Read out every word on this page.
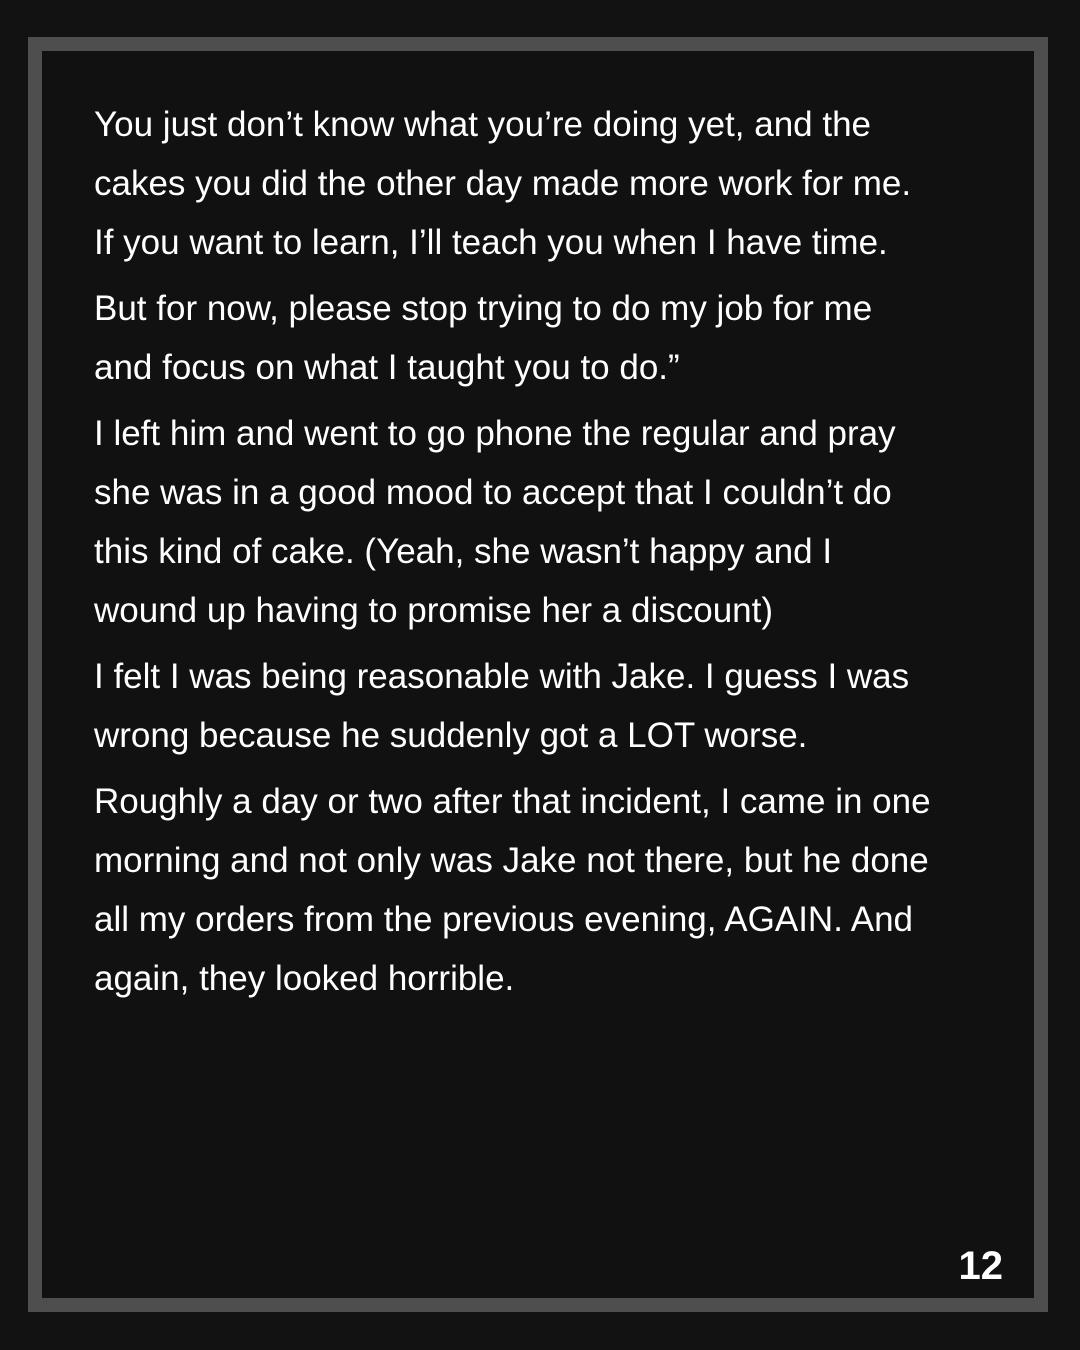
You just don’t know what you’re doing yet, and the
cakes you did the other day made more work for me.
If you want to learn, I’ll teach you when I have time.

But for now, please stop trying to do my job for me
and focus on what I taught you to do.”

I left him and went to go phone the regular and pray
she was in a good mood to accept that I couldn’t do
this kind of cake. (Yeah, she wasn’t happy and I
wound up having to promise her a discount)

I felt I was being reasonable with Jake. I guess I was
wrong because he suddenly got a LOT worse.

Roughly a day or two after that incident, I came in one
morning and not only was Jake not there, but he done
all my orders from the previous evening, AGAIN. And
again, they looked horrible.

12
